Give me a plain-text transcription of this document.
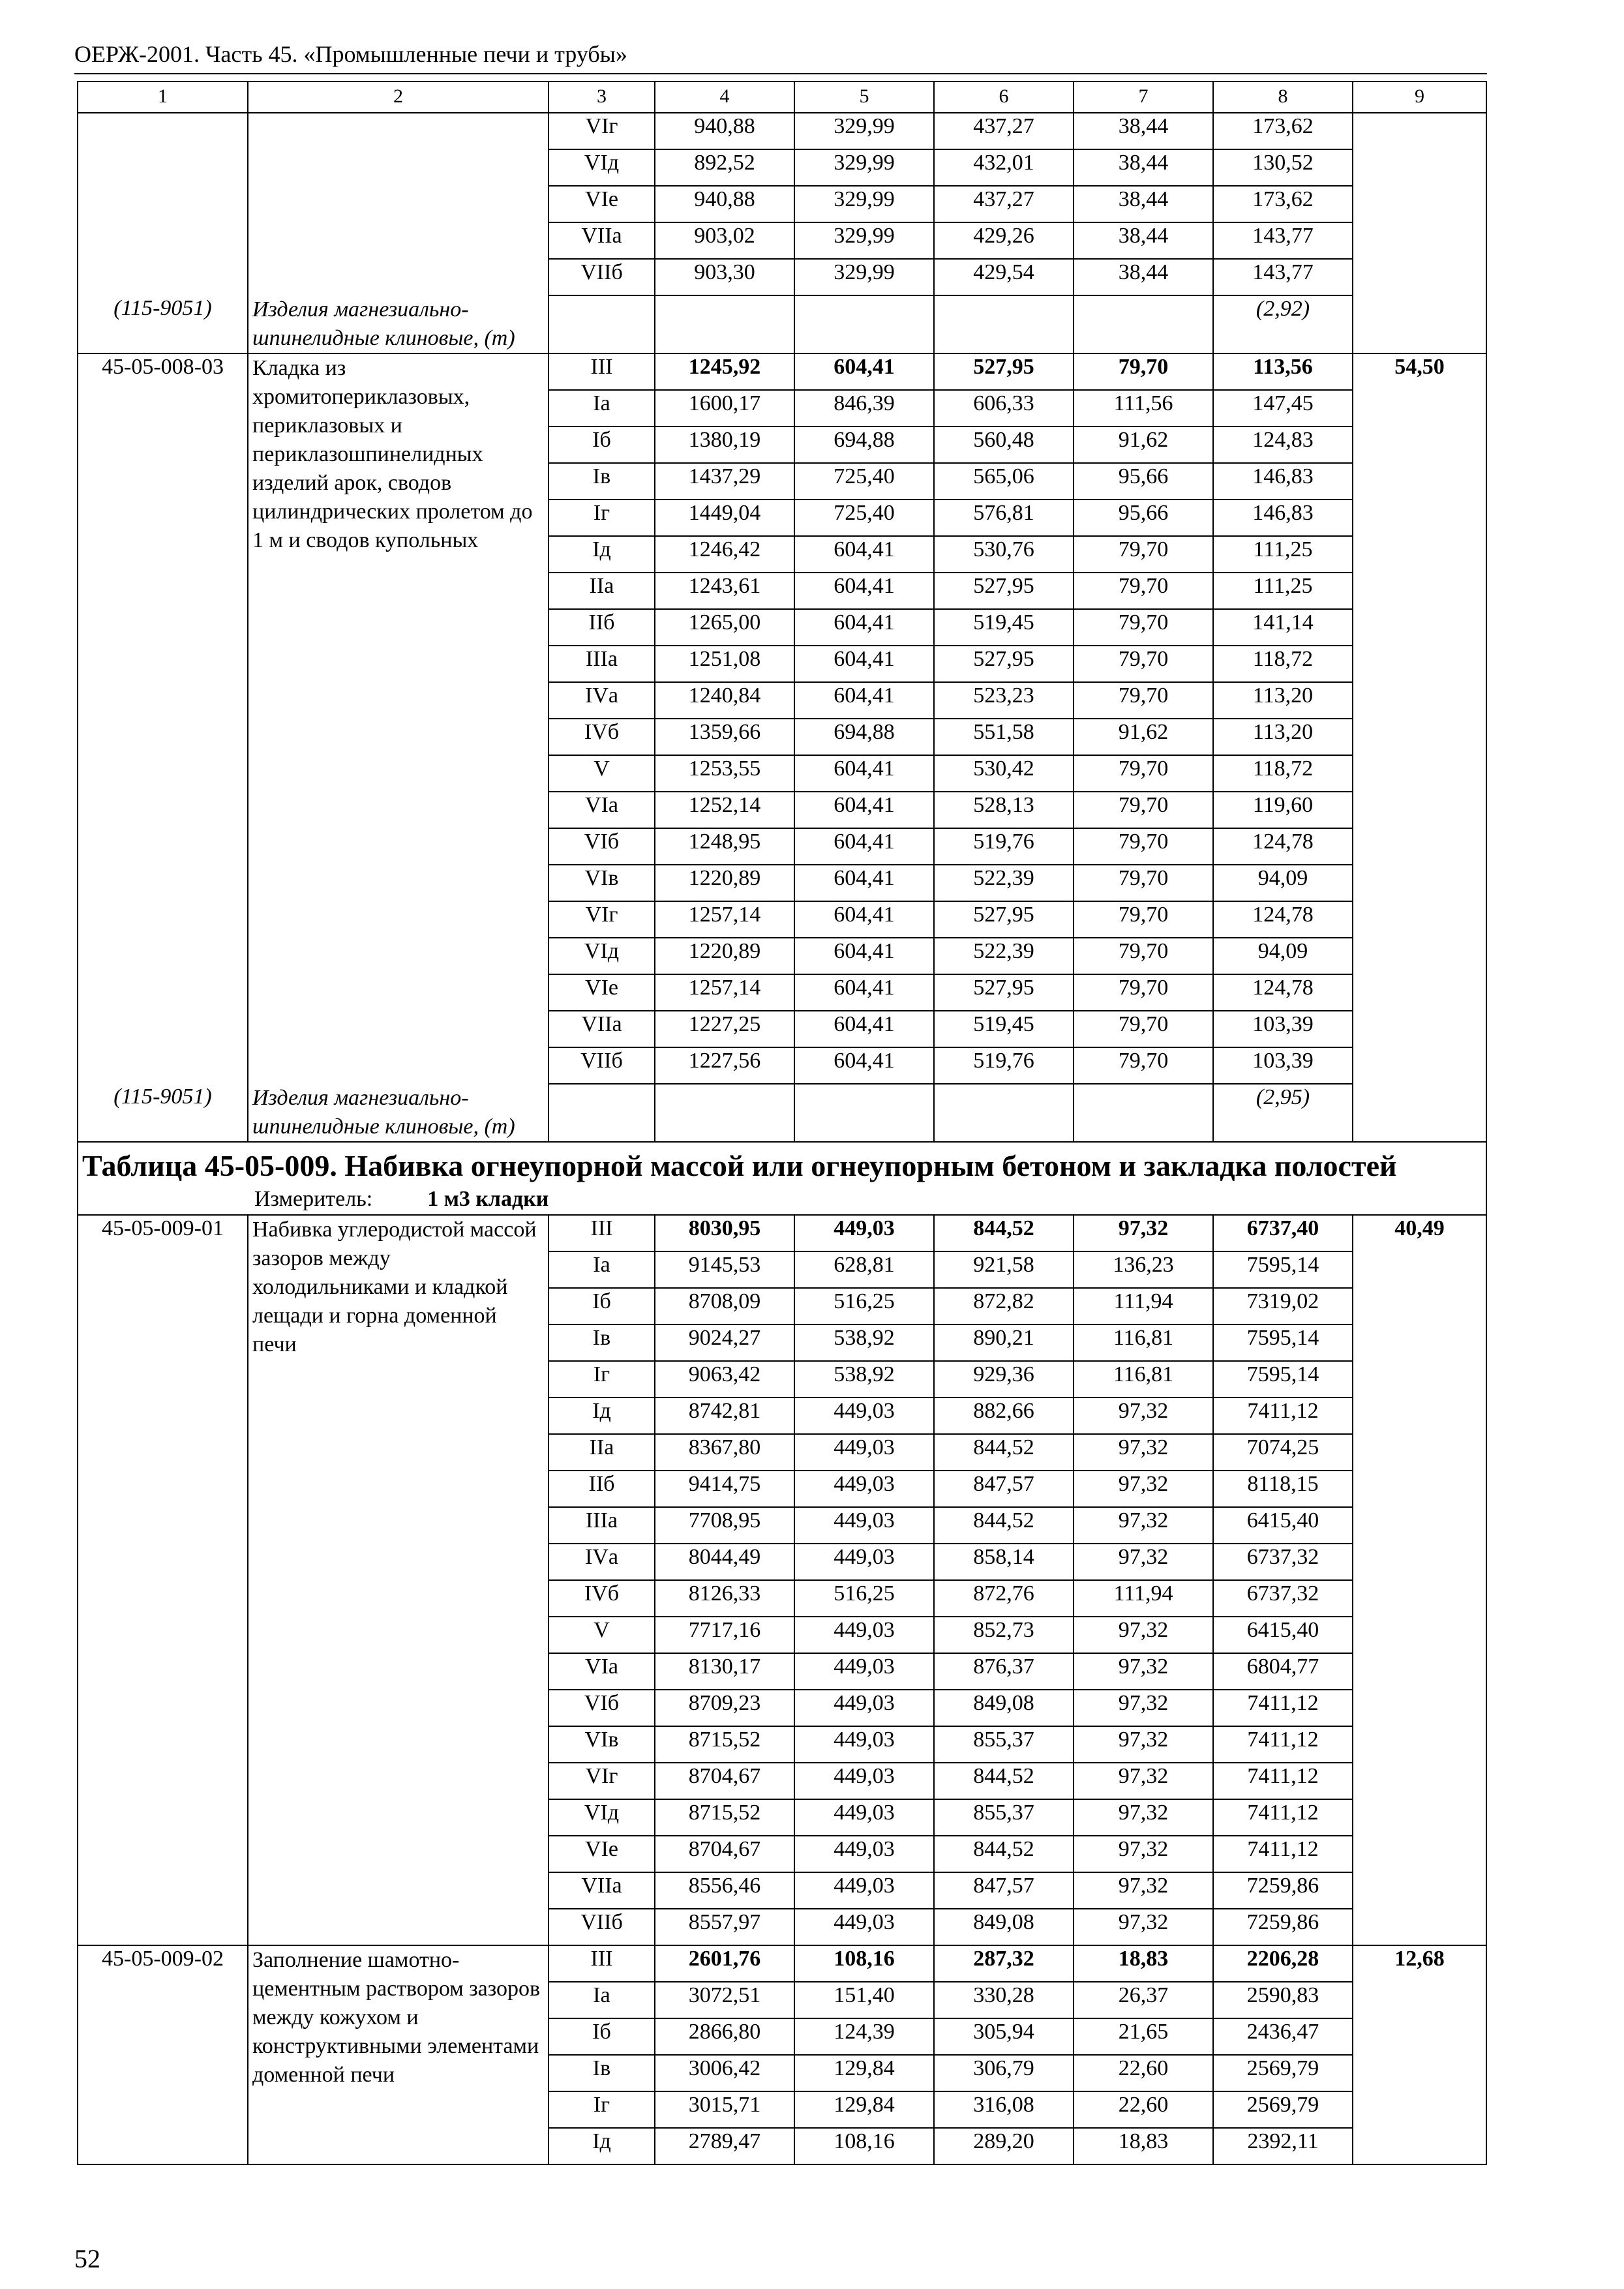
ОЕРЖ-2001. Часть 45. «Промышленные печи и трубы»
1	2	3	4	5	6	7	8	9
		VIг	940,88	329,99	437,27	38,44	173,62	
		VIд	892,52	329,99	432,01	38,44	130,52	
		VIе	940,88	329,99	437,27	38,44	173,62	
		VIIа	903,02	329,99	429,26	38,44	143,77	
		VIIб	903,30	329,99	429,54	38,44	143,77	
(115-9051)	Изделия магнезиально-шпинелидные клиновые, (т)						(2,92)	
45-05-008-03	Кладка из хромитопериклазовых, периклазовых и периклазошпинелидных изделий арок, сводов цилиндрических пролетом до 1 м и сводов купольных	III	1245,92	604,41	527,95	79,70	113,56	54,50
		Iа	1600,17	846,39	606,33	111,56	147,45	
		Iб	1380,19	694,88	560,48	91,62	124,83	
		Iв	1437,29	725,40	565,06	95,66	146,83	
		Iг	1449,04	725,40	576,81	95,66	146,83	
		Iд	1246,42	604,41	530,76	79,70	111,25	
		IIа	1243,61	604,41	527,95	79,70	111,25	
		IIб	1265,00	604,41	519,45	79,70	141,14	
		IIIа	1251,08	604,41	527,95	79,70	118,72	
		IVа	1240,84	604,41	523,23	79,70	113,20	
		IVб	1359,66	694,88	551,58	91,62	113,20	
		V	1253,55	604,41	530,42	79,70	118,72	
		VIа	1252,14	604,41	528,13	79,70	119,60	
		VIб	1248,95	604,41	519,76	79,70	124,78	
		VIв	1220,89	604,41	522,39	79,70	94,09	
		VIг	1257,14	604,41	527,95	79,70	124,78	
		VIд	1220,89	604,41	522,39	79,70	94,09	
		VIе	1257,14	604,41	527,95	79,70	124,78	
		VIIа	1227,25	604,41	519,45	79,70	103,39	
		VIIб	1227,56	604,41	519,76	79,70	103,39	
(115-9051)	Изделия магнезиально-шпинелидные клиновые, (т)						(2,95)	

Таблица 45-05-009. Набивка огнеупорной массой или огнеупорным бетоном и закладка полостей								

Измеритель: 1 м3 кладки								
45-05-009-01	Набивка углеродистой массой зазоров между холодильниками и кладкой лещади и горна доменной печи	III	8030,95	449,03	844,52	97,32	6737,40	40,49
		Iа	9145,53	628,81	921,58	136,23	7595,14	
		Iб	8708,09	516,25	872,82	111,94	7319,02	
		Iв	9024,27	538,92	890,21	116,81	7595,14	
		Iг	9063,42	538,92	929,36	116,81	7595,14	
		Iд	8742,81	449,03	882,66	97,32	7411,12	
		IIа	8367,80	449,03	844,52	97,32	7074,25	
		IIб	9414,75	449,03	847,57	97,32	8118,15	
		IIIа	7708,95	449,03	844,52	97,32	6415,40	
		IVа	8044,49	449,03	858,14	97,32	6737,32	
		IVб	8126,33	516,25	872,76	111,94	6737,32	
		V	7717,16	449,03	852,73	97,32	6415,40	
		VIа	8130,17	449,03	876,37	97,32	6804,77	
		VIб	8709,23	449,03	849,08	97,32	7411,12	
		VIв	8715,52	449,03	855,37	97,32	7411,12	
		VIг	8704,67	449,03	844,52	97,32	7411,12	
		VIд	8715,52	449,03	855,37	97,32	7411,12	
		VIе	8704,67	449,03	844,52	97,32	7411,12	
		VIIа	8556,46	449,03	847,57	97,32	7259,86	
		VIIб	8557,97	449,03	849,08	97,32	7259,86	
45-05-009-02	Заполнение шамотно-цементным раствором зазоров между кожухом и конструктивными элементами доменной печи	III	2601,76	108,16	287,32	18,83	2206,28	12,68
		Iа	3072,51	151,40	330,28	26,37	2590,83	
		Iб	2866,80	124,39	305,94	21,65	2436,47	
		Iв	3006,42	129,84	306,79	22,60	2569,79	
		Iг	3015,71	129,84	316,08	22,60	2569,79	
		Iд	2789,47	108,16	289,20	18,83	2392,11	
52
